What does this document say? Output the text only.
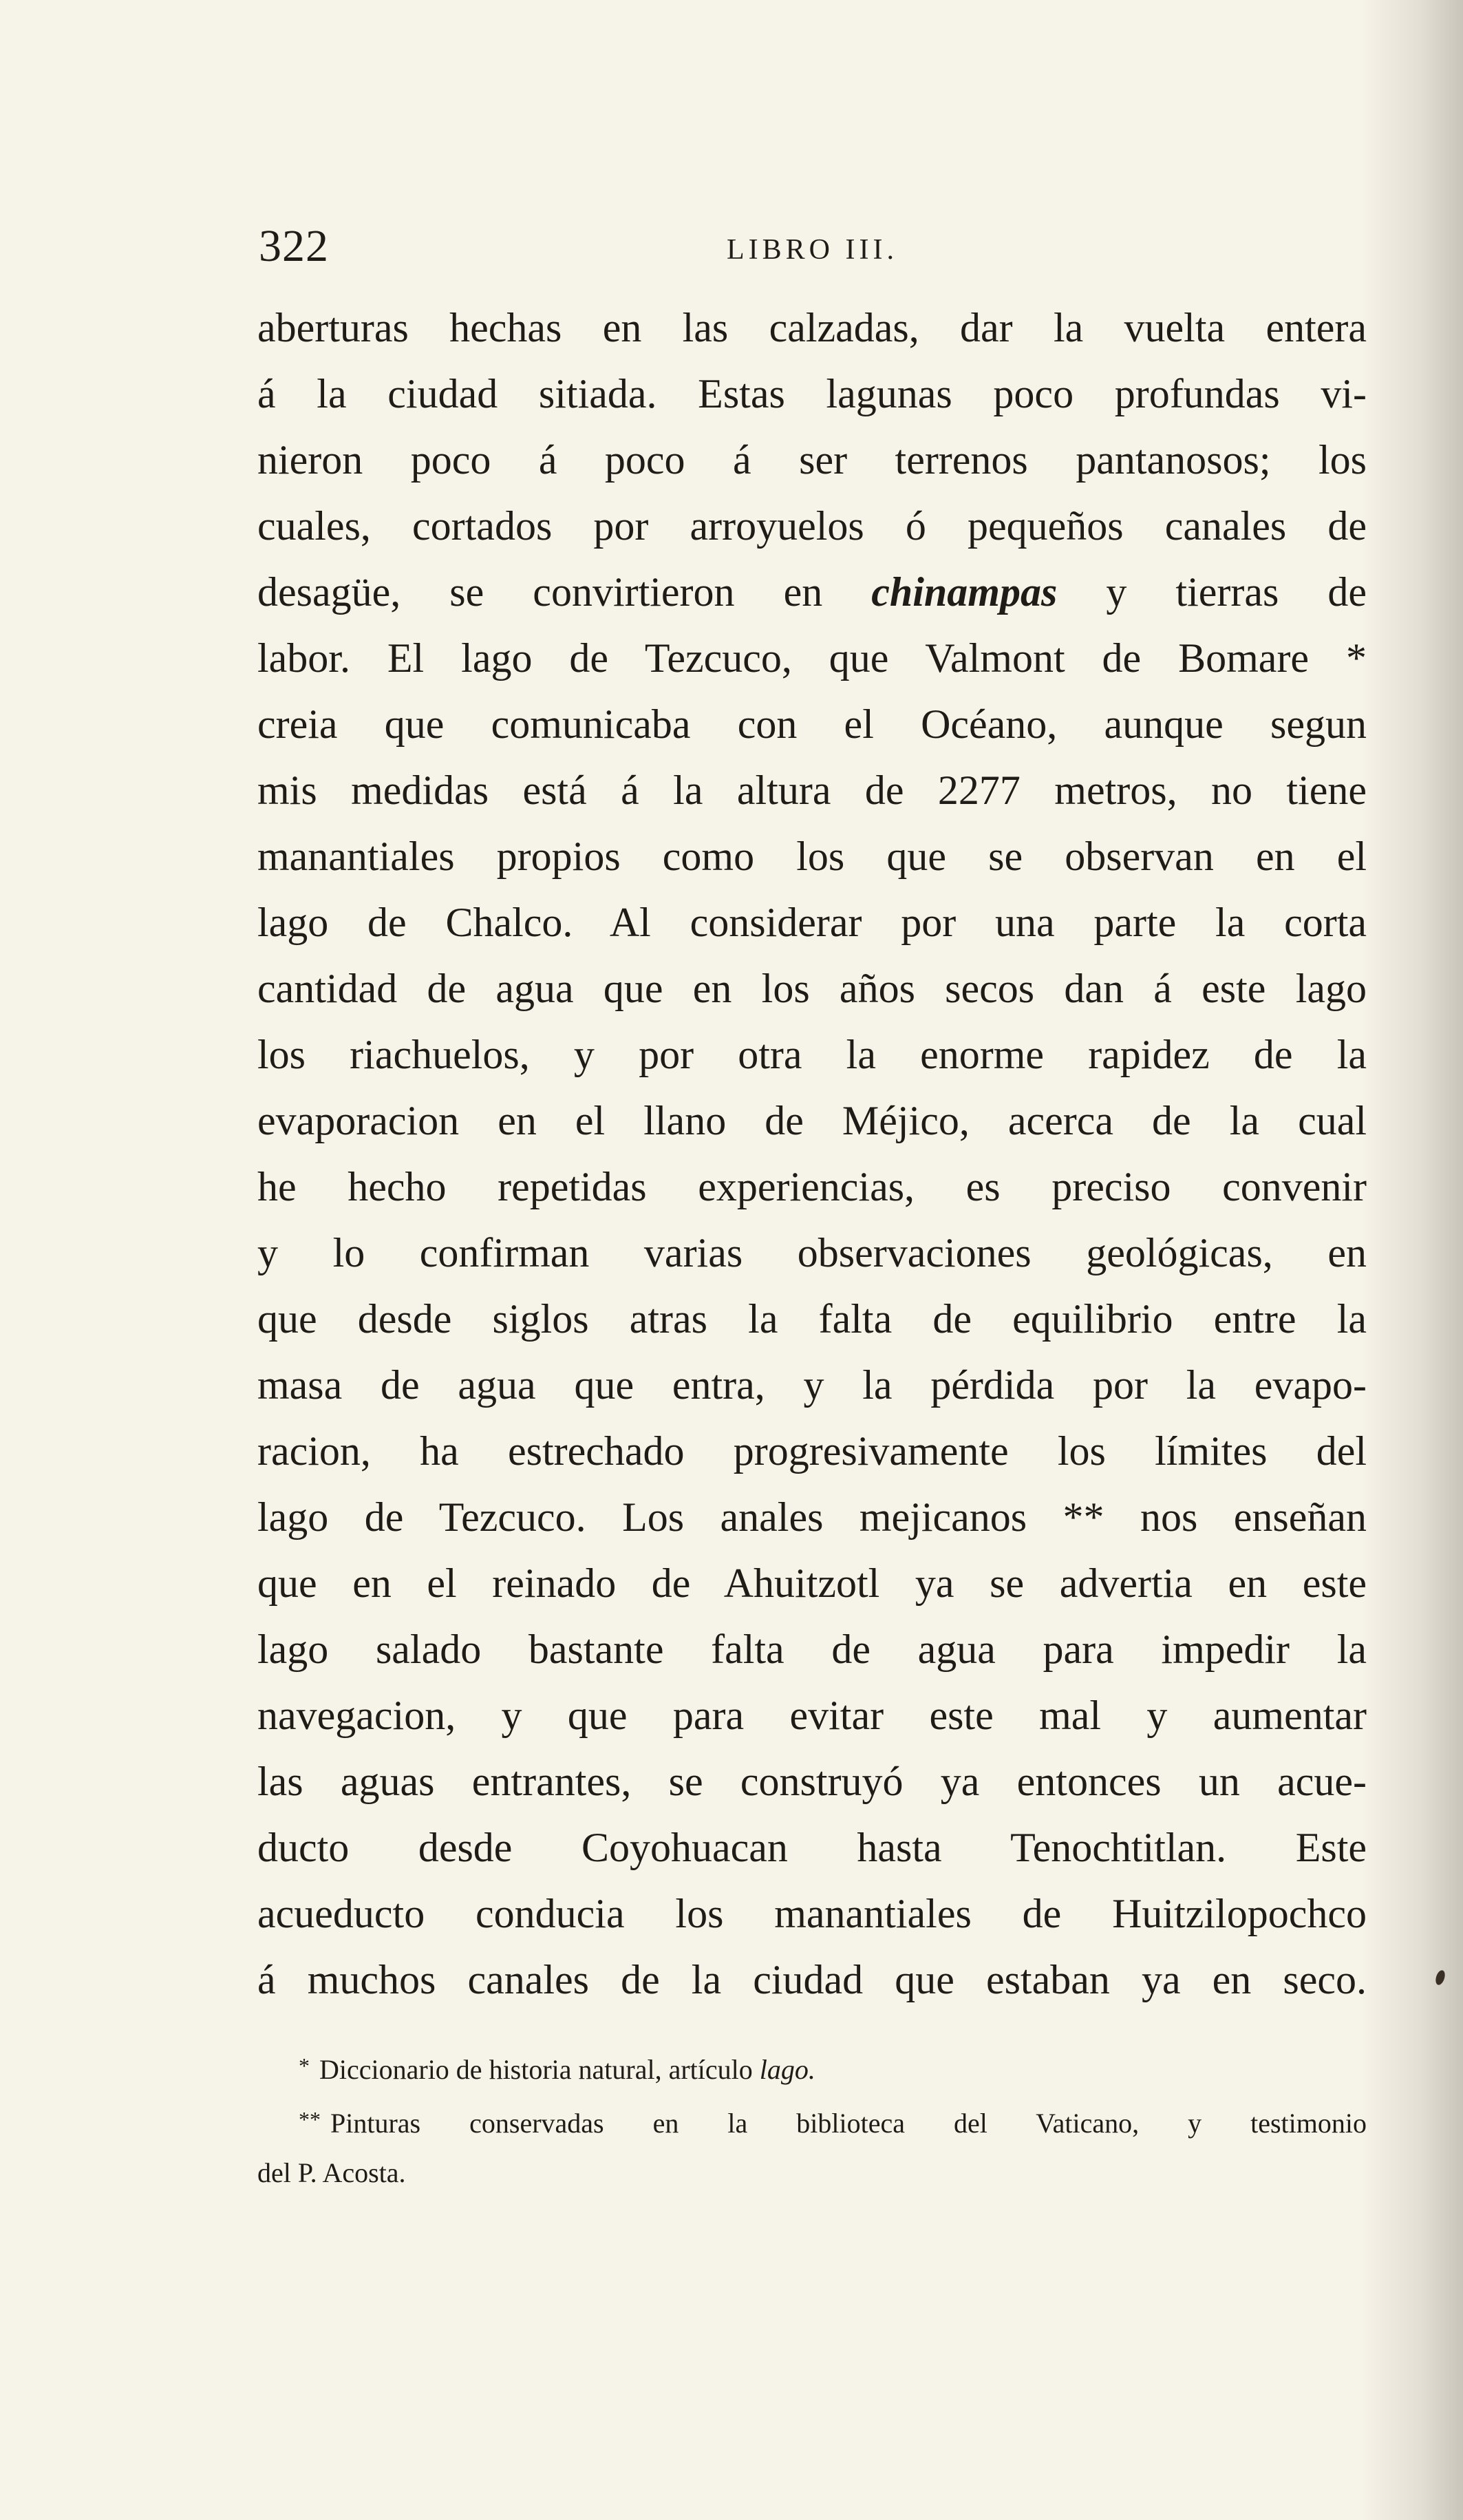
322	LIBRO III.
aberturas hechas en las calzadas, dar la vuelta entera
á la ciudad sitiada. Estas lagunas poco profundas vi-
nieron poco á poco á ser terrenos pantanosos; los
cuales, cortados por arroyuelos ó pequeños canales de
desagüe, se convirtieron en chinampas y tierras de
labor. El lago de Tezcuco, que Valmont de Bomare *
creia que comunicaba con el Océano, aunque segun
mis medidas está á la altura de 2277 metros, no tiene
manantiales propios como los que se observan en el
lago de Chalco. Al considerar por una parte la corta
cantidad de agua que en los años secos dan á este lago
los riachuelos, y por otra la enorme rapidez de la
evaporacion en el llano de Méjico, acerca de la cual
he hecho repetidas experiencias, es preciso convenir
y lo confirman varias observaciones geológicas, en
que desde siglos atras la falta de equilibrio entre la
masa de agua que entra, y la pérdida por la evapo-
racion, ha estrechado progresivamente los límites del
lago de Tezcuco. Los anales mejicanos ** nos enseñan
que en el reinado de Ahuitzotl ya se advertia en este
lago salado bastante falta de agua para impedir la
navegacion, y que para evitar este mal y aumentar
las aguas entrantes, se construyó ya entonces un acue-
ducto desde Coyohuacan hasta Tenochtitlan. Este
acueducto conducia los manantiales de Huitzilopochco
á muchos canales de la ciudad que estaban ya en seco.
* Diccionario de historia natural, artículo lago.
** Pinturas conservadas en la biblioteca del Vaticano, y testimonio
del P. Acosta.
